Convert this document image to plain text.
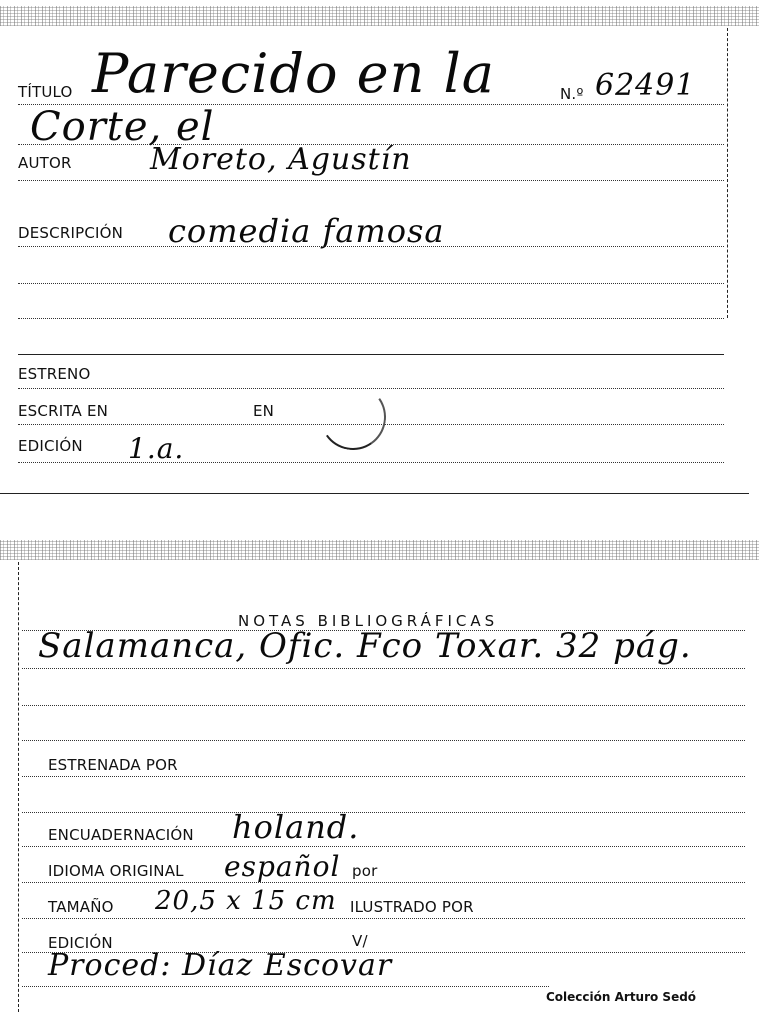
TÍTULO Parecido en la	N.º 62491
Corte, el
AUTOR	Moreto, Agustín
DESCRIPCIÓN comedia famosa
ESTRENO
ESCRITA EN	EN
EDICIÓN 1.a.
NOTAS BIBLIOGRÁFICAS
Salamanca, Ofic. Fco Toxar. 32 pág.
ESTRENADA POR
ENCUADERNACIÓN holand.
IDIOMA ORIGINAL español por
TAMAÑO 20,5 x 15 cm ILUSTRADO POR
EDICIÓN	V/
Proced: Díaz Escovar
Colección Arturo Sedó
